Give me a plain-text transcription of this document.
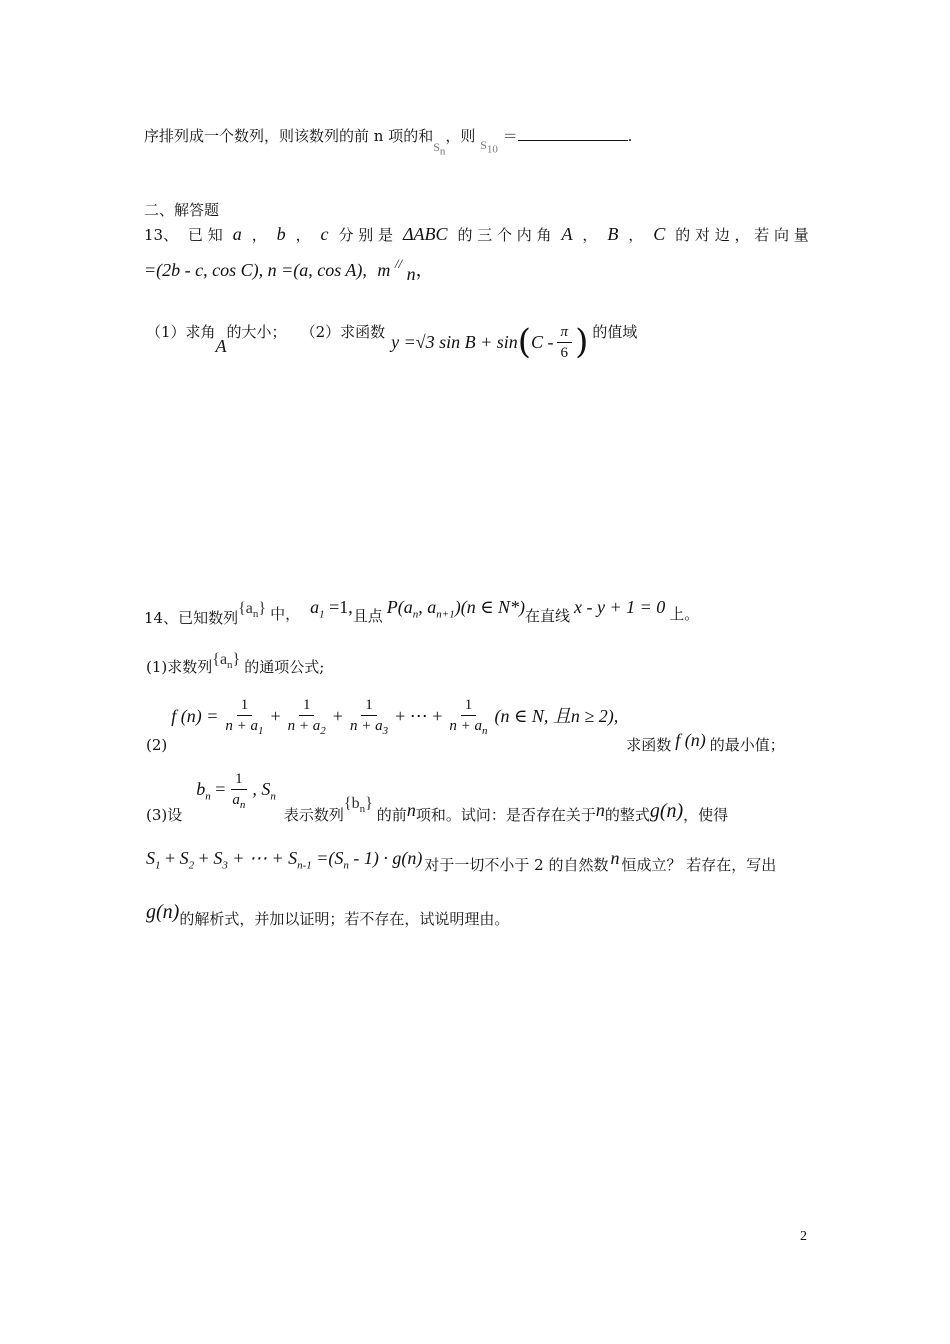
序排列成一个数列，则该数列的前 n 项的和$_{S_n}$，则 $_{S_{10}}$ ＝	.
二、解答题
13、 已 知 a ， b ， c 分 别 是 ΔABC 的 三 个 内 角 A ， B ， C 的 对 边 ， 若 向 量
=(2b - c, cos C), n =(a, cos A), m // n，
（1）求角
A
的大小； （2）求函数 y =√3 sin B + sin ( C - $\frac{\pi}{6}$ ) 的值域
14、已知数列
$\{a_n\}$ 中， $a_1 =1$, 且点 $P(a_n$, $a_{n+1})(n$ ∈ N*) 在直线 x - y + 1 = 0 上。
(1)求数列 $\{a_n\}$ 的通项公式;
(2)
f $(n) = \frac{1}{n + a_1} + \frac{1}{n + a_2} + \frac{1}{n + a_3}$ + ⋯ + $\frac{1}{n + a_n} (n$ ∈ N, 且n ≥ 2),
求函数 f (n) 的最小值；
(3)设
$b_n = \frac{1}{a_n}$ , $S_n$
表示数列
$\{b_n\}$
的前 n 项和。试问：是否存在关于 n 的整式 g(n) ，使得
$S_1 + S_2 + S_3$ + ⋯ + $S_{n-1} =(S_n - 1) \cdot g(n)$ 对于一切不小于 2 的自然数 n 恒成立？ 若存在，写出
g(n) 的解析式，并加以证明；若不存在，试说明理由。
2
